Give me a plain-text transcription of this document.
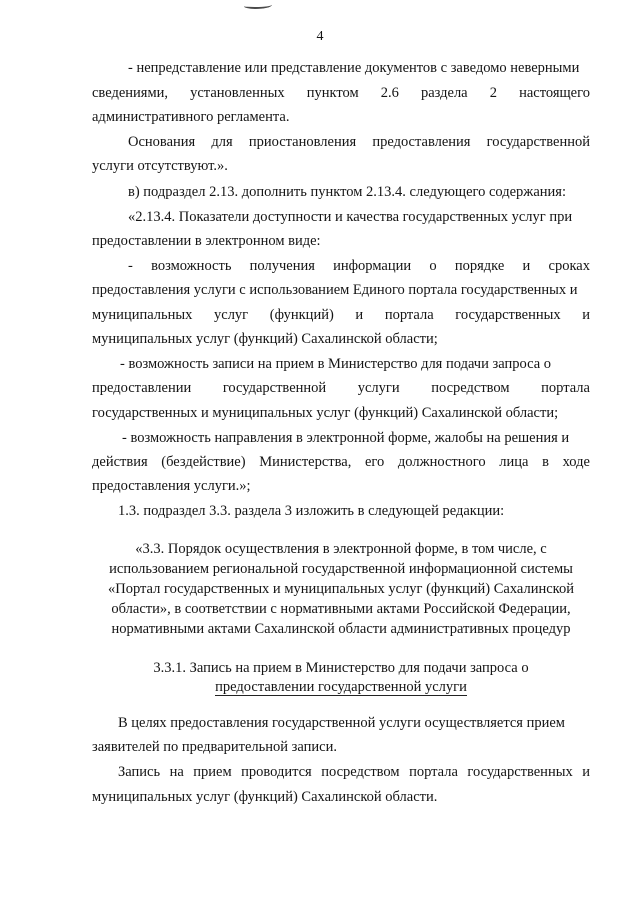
4
- непредставление или представление документов с заведомо неверными
сведениями, установленных пунктом 2.6 раздела 2 настоящего
административного регламента.
Основания для приостановления предоставления государственной
услуги отсутствуют.».
в) подраздел 2.13. дополнить пунктом 2.13.4. следующего содержания:
«2.13.4. Показатели доступности и качества государственных услуг при
предоставлении в электронном виде:
- возможность получения информации о порядке и сроках
предоставления услуги с использованием Единого портала государственных и
муниципальных услуг (функций) и портала государственных и
муниципальных услуг (функций) Сахалинской области;
- возможность записи на прием в Министерство для подачи запроса о
предоставлении государственной услуги посредством портала
государственных и муниципальных услуг (функций) Сахалинской области;
- возможность направления в электронной форме, жалобы на решения и
действия (бездействие) Министерства, его должностного лица в ходе
предоставления услуги.»;
1.3. подраздел 3.3. раздела 3 изложить в следующей редакции:
«3.3. Порядок осуществления в электронной форме, в том числе, с
использованием региональной государственной информационной системы
«Портал государственных и муниципальных услуг (функций) Сахалинской
области», в соответствии с нормативными актами Российской Федерации,
нормативными актами Сахалинской области административных процедур
3.3.1. Запись на прием в Министерство для подачи запроса о
предоставлении государственной услуги
В целях предоставления государственной услуги осуществляется прием
заявителей по предварительной записи.
Запись на прием проводится посредством портала государственных и
муниципальных услуг (функций) Сахалинской области.
